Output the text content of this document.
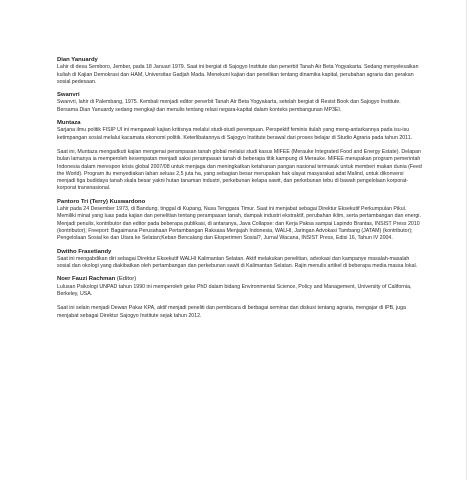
Dian Yanuardy

Lahir di desa Semboro, Jember, pada 18 Januari 1979. Saat ini bergiat di Sajogyo Institute dan penerbit Tanah Air Beta Yogyakarta. Sedang menyelesaikan kuliah di Kajian Demokrasi dan HAM, Universitas Gadjah Mada. Menekuni kajian dan penelitian tentang dinamika kapital, perubahan agraria dan gerakan sosial pedesaan.

Swanvri

Swanvri, lahir di Palembang, 1975. Kembali menjadi editor penerbit Tanah Air Beta Yogyakarta, setelah bergiat di Resist Book dan Sajogyo Institute. Bersama Dian Yanuardy sedang mengkaji dan menulis tentang relasi negara-kapital dalam konteks pembangunan MP3EI.

Muntaza

Sarjana ilmu politik FISIP UI ini mengawali kajian kritisnya melalui studi-studi perempuan. Perspektif feminis itulah yang meng-antarkannya pada isu-isu ketimpangan sosial melalui kacamata ekonomi politik. Keterlibatannya di Sajogyo Institute berawal dari proses belajar di Studio Agraria pada tahun 2011.

Saat ini, Muntaza mengadkuti kajian mengenai perampasan tanah global melalui studi kasus MIFEE (Merauke Integrated Food and Energy Estate). Delapan bulan lamanya ia memperoleh kesempatan menjadi saksi perampasan tanah di beberapa titik kampung di Merauke. MIFEE merupakan program pemerintah Indonesia dalam merespon krisis global 2007/08 untuk menjaga dan meningkatkan ketahanan pangan nasional termasuk untuk memberi makan dunia (Feed the World). Program itu menyediakan lahan seluas 2,5 juta ha, yang sebagian besar merupakan hak ulayat masyarakat adat Malind, untuk dikonversi menjadi tiga budidaya tanah skala besar yakni hutan tanaman industri, perkebunan kelapa sawit, dan perkebunan tebu di bawah pengelolaan korporat-korporat transnasional.

Pantoro Tri (Terry) Kuswardono

Lahir pada 24 Desember 1973, di Bandung, tinggal di Kupang, Nusa Tenggara Timur. Saat ini menjabat sebagai Direktur Eksekutif Perkumpulan Pikul. Memiliki minat yang luas pada kajian dan penelitian tentang perampasan tanah, dampak industri ekstraktif, perubahan iklim, serta pertambangan dan energi. Menjadi penulis, kontributor dan editor pada beberapa publikasi, di antaranya, Java Collapse: dan Kerja Paksa sampai Lapindo Brantas, INSIST Press 2010 (kontributor); Freeport: Bagaimana Perusahaan Pertambangan Raksasa Menjajah Indonesia, WALHI, Jaringan Advokasi Tambang (JATAM) (kontributor); Pengelolaan Sosial ke dan Utara ke Selatan;Keban Bencalang dan Eksperimen Sosial?, Jurnal Wacana, INSIST Press, Edisi 16, Tahun IV 2004.

Dwitho Frasetiandy

Saat ini mengabdikan diri sebagai Direktur Eksekutif WALHI Kalimantan Selatan. Aktif melakukan penelitian, advokasi dan kampanye masalah-masalah sosial dan okologi yang diakibatkan oleh pertambangan dan perkebunan sawit di Kalimantan Selatan. Rajin menulis artikel di beberapa media massa lokal.

Noer Fauzi Rachman (Editor)

Lulusan Psikologi UNPAD tahun 1990 ini memperoleh gelar PhD dalam bidang Environmental Science, Policy and Management, University of California, Berkeley, USA.

Saat ini selain menjadi Dewan Pakar KPA, aktif menjadi peneliti dan pembicara di berbagai seminar dan diskusi tentang agraria, mengajar di IPB, juga menjabat sebagai Direktur Sajogyo Institute sejak tahun 2012.
